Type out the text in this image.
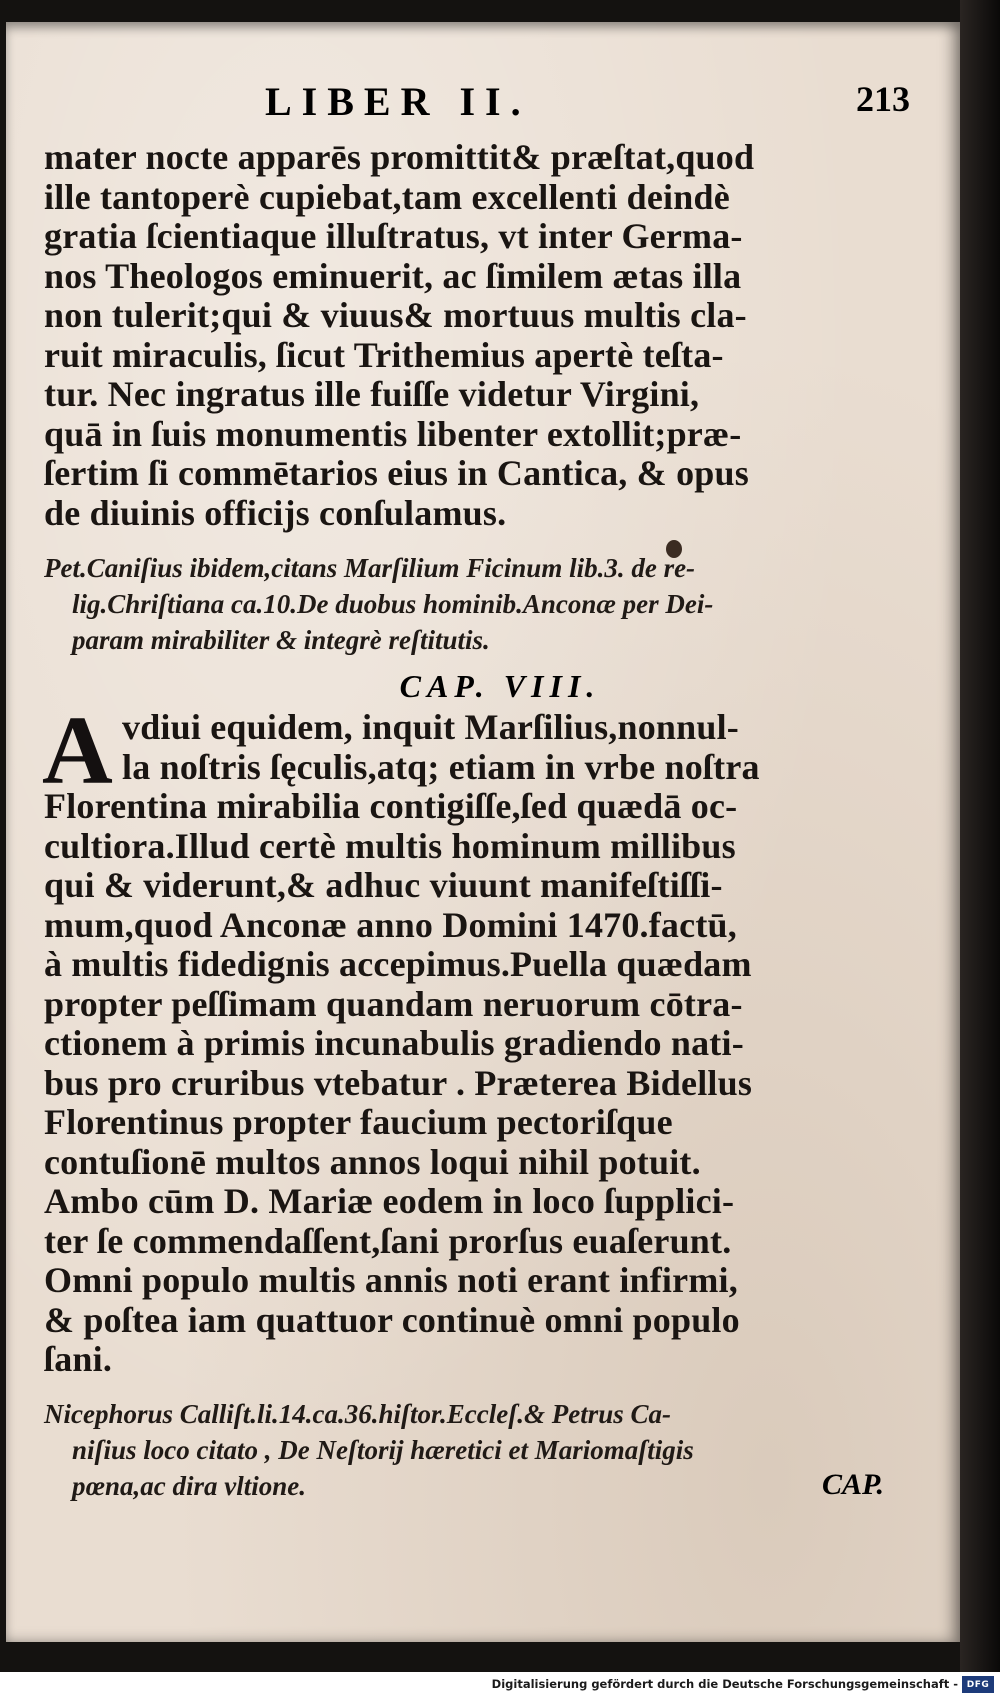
LIBER II.	213
mater nocte apparēs promittit& præſtat,quod
ille tantoperè cupiebat,tam excellenti deindè
gratia ſcientiaque illuſtratus, vt inter Germa-
nos Theologos eminuerit, ac ſimilem ætas illa
non tulerit;qui & viuus& mortuus multis cla-
ruit miraculis, ſicut Trithemius apertè teſta-
tur. Nec ingratus ille fuiſſe videtur Virgini,
quā in ſuis monumentis libenter extollit;præ-
ſertim ſi commētarios eius in Cantica, & opus
de diuinis officijs conſulamus.
Pet.Caniſius ibidem,citans Marſilium Ficinum lib.3. de re-
lig.Chriſtiana ca.10.De duobus hominib.Anconæ per Dei-
param mirabiliter & integrè reſtitutis.
CAP. VIII.
A vdiui equidem, inquit Marſilius,nonnul-
la noſtris ſęculis,atq; etiam in vrbe noſtra
Florentina mirabilia contigiſſe,ſed quædā oc-
cultiora.Illud certè multis hominum millibus
qui & viderunt,& adhuc viuunt manifeſtiſſi-
mum,quod Anconæ anno Domini 1470.factū,
à multis fidedignis accepimus.Puella quædam
propter peſſimam quandam neruorum cōtra-
ctionem à primis incunabulis gradiendo nati-
bus pro cruribus vtebatur . Præterea Bidellus
Florentinus propter faucium pectoriſque
contuſionē multos annos loqui nihil potuit.
Ambo cūm D. Mariæ eodem in loco ſupplici-
ter ſe commendaſſent,ſani prorſus euaſerunt.
Omni populo multis annis noti erant infirmi,
& poſtea iam quattuor continuè omni populo
ſani.
Nicephorus Calliſt.li.14.ca.36.hiſtor.Eccleſ.& Petrus Ca-
niſius loco citato , De Neſtorij hæretici et Mariomaſtigis
pœna,ac dira vltione.	CAP.
Digitalisierung gefördert durch die Deutsche Forschungsgemeinschaft - DFG
